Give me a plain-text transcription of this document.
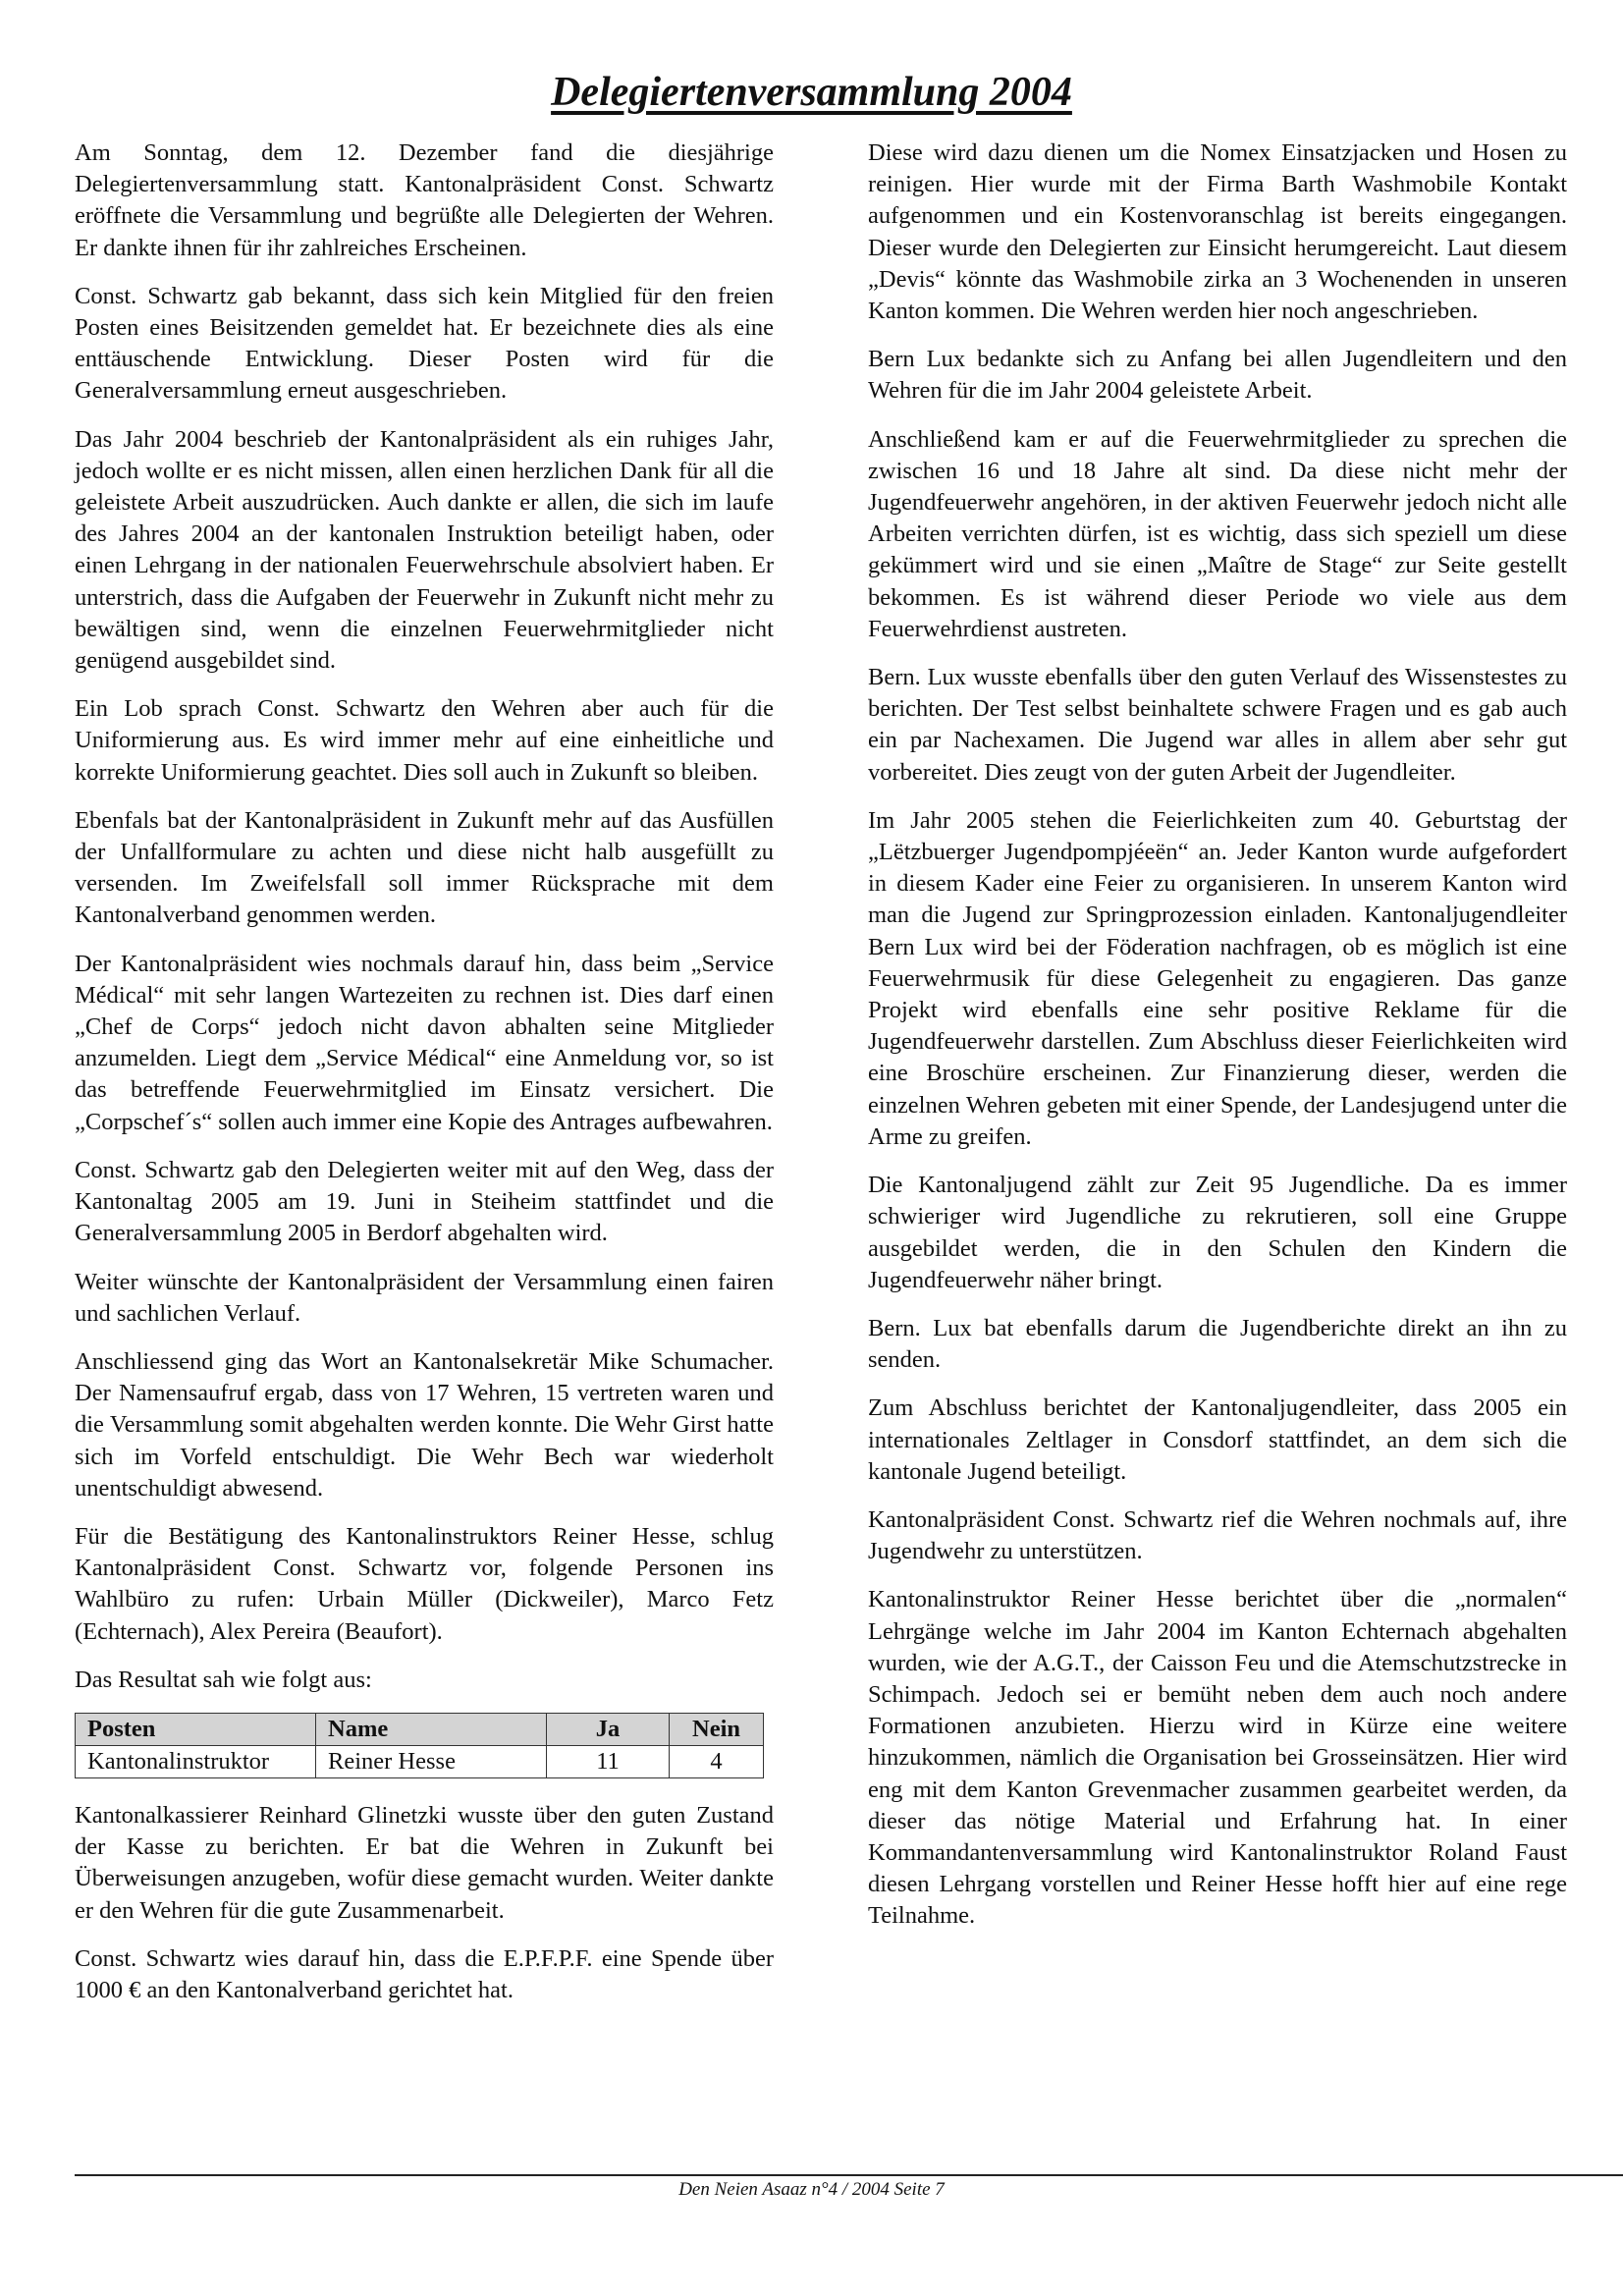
Delegiertenversammlung 2004

Am Sonntag, dem 12. Dezember fand die diesjährige Delegiertenversammlung statt. Kantonalpräsident Const. Schwartz eröffnete die Versammlung und begrüßte alle Delegierten der Wehren. Er dankte ihnen für ihr zahlreiches Erscheinen.

Const. Schwartz gab bekannt, dass sich kein Mitglied für den freien Posten eines Beisitzenden gemeldet hat. Er bezeichnete dies als eine enttäuschende Entwicklung. Dieser Posten wird für die Generalversammlung erneut ausgeschrieben.

Das Jahr 2004 beschrieb der Kantonalpräsident als ein ruhiges Jahr, jedoch wollte er es nicht missen, allen einen herzlichen Dank für all die geleistete Arbeit auszudrücken. Auch dankte er allen, die sich im laufe des Jahres 2004 an der kantonalen Instruktion beteiligt haben, oder einen Lehrgang in der nationalen Feuerwehrschule absolviert haben. Er unterstrich, dass die Aufgaben der Feuerwehr in Zukunft nicht mehr zu bewältigen sind, wenn die einzelnen Feuerwehrmitglieder nicht genügend ausgebildet sind.

Ein Lob sprach Const. Schwartz den Wehren aber auch für die Uniformierung aus. Es wird immer mehr auf eine einheitliche und korrekte Uniformierung geachtet. Dies soll auch in Zukunft so bleiben.

Ebenfals bat der Kantonalpräsident in Zukunft mehr auf das Ausfüllen der Unfallformulare zu achten und diese nicht halb ausgefüllt zu versenden. Im Zweifelsfall soll immer Rücksprache mit dem Kantonalverband genommen werden.

Der Kantonalpräsident wies nochmals darauf hin, dass beim „Service Médical“ mit sehr langen Wartezeiten zu rechnen ist. Dies darf einen „Chef de Corps“ jedoch nicht davon abhalten seine Mitglieder anzumelden. Liegt dem „Service Médical“ eine Anmeldung vor, so ist das betreffende Feuerwehrmitglied im Einsatz versichert. Die „Corpschef´s“ sollen auch immer eine Kopie des Antrages aufbewahren.

Const. Schwartz gab den Delegierten weiter mit auf den Weg, dass der Kantonaltag 2005 am 19. Juni in Steiheim stattfindet und die Generalversammlung 2005 in Berdorf abgehalten wird.

Weiter wünschte der Kantonalpräsident der Versammlung einen fairen und sachlichen Verlauf.

Anschliessend ging das Wort an Kantonalsekretär Mike Schumacher. Der Namensaufruf ergab, dass von 17 Wehren, 15 vertreten waren und die Versammlung somit abgehalten werden konnte. Die Wehr Girst hatte sich im Vorfeld entschuldigt. Die Wehr Bech war wiederholt unentschuldigt abwesend.

Für die Bestätigung des Kantonalinstruktors Reiner Hesse, schlug Kantonalpräsident Const. Schwartz vor, folgende Personen ins Wahlbüro zu rufen: Urbain Müller (Dickweiler), Marco Fetz (Echternach), Alex Pereira (Beaufort).

Das Resultat sah wie folgt aus:

Posten	Name	Ja	Nein
Kantonalinstruktor	Reiner Hesse	11	4

Kantonalkassierer Reinhard Glinetzki wusste über den guten Zustand der Kasse zu berichten. Er bat die Wehren in Zukunft bei Überweisungen anzugeben, wofür diese gemacht wurden. Weiter dankte er den Wehren für die gute Zusammenarbeit.

Const. Schwartz wies darauf hin, dass die E.P.F.P.F. eine Spende über 1000 € an den Kantonalverband gerichtet hat.

Diese wird dazu dienen um die Nomex Einsatzjacken und Hosen zu reinigen. Hier wurde mit der Firma Barth Washmobile Kontakt aufgenommen und ein Kostenvoranschlag ist bereits eingegangen. Dieser wurde den Delegierten zur Einsicht herumgereicht. Laut diesem „Devis“ könnte das Washmobile zirka an 3 Wochenenden in unseren Kanton kommen. Die Wehren werden hier noch angeschrieben.

Bern Lux bedankte sich zu Anfang bei allen Jugendleitern und den Wehren für die im Jahr 2004 geleistete Arbeit.

Anschließend kam er auf die Feuerwehrmitglieder zu sprechen die zwischen 16 und 18 Jahre alt sind. Da diese nicht mehr der Jugendfeuerwehr angehören, in der aktiven Feuerwehr jedoch nicht alle Arbeiten verrichten dürfen, ist es wichtig, dass sich speziell um diese gekümmert wird und sie einen „Maître de Stage“ zur Seite gestellt bekommen. Es ist während dieser Periode wo viele aus dem Feuerwehrdienst austreten.

Bern. Lux wusste ebenfalls über den guten Verlauf des Wissenstestes zu berichten. Der Test selbst beinhaltete schwere Fragen und es gab auch ein par Nachexamen. Die Jugend war alles in allem aber sehr gut vorbereitet. Dies zeugt von der guten Arbeit der Jugendleiter.

Im Jahr 2005 stehen die Feierlichkeiten zum 40. Geburtstag der „Lëtzbuerger Jugendpompjéeën“ an. Jeder Kanton wurde aufgefordert in diesem Kader eine Feier zu organisieren. In unserem Kanton wird man die Jugend zur Springprozession einladen. Kantonaljugendleiter Bern Lux wird bei der Föderation nachfragen, ob es möglich ist eine Feuerwehrmusik für diese Gelegenheit zu engagieren. Das ganze Projekt wird ebenfalls eine sehr positive Reklame für die Jugendfeuerwehr darstellen. Zum Abschluss dieser Feierlichkeiten wird eine Broschüre erscheinen. Zur Finanzierung dieser, werden die einzelnen Wehren gebeten mit einer Spende, der Landesjugend unter die Arme zu greifen.

Die Kantonaljugend zählt zur Zeit 95 Jugendliche. Da es immer schwieriger wird Jugendliche zu rekrutieren, soll eine Gruppe ausgebildet werden, die in den Schulen den Kindern die Jugendfeuerwehr näher bringt.

Bern. Lux bat ebenfalls darum die Jugendberichte direkt an ihn zu senden.

Zum Abschluss berichtet der Kantonaljugendleiter, dass 2005 ein internationales Zeltlager in Consdorf stattfindet, an dem sich die kantonale Jugend beteiligt.

Kantonalpräsident Const. Schwartz rief die Wehren nochmals auf, ihre Jugendwehr zu unterstützen.

Kantonalinstruktor Reiner Hesse berichtet über die „normalen“ Lehrgänge welche im Jahr 2004 im Kanton Echternach abgehalten wurden, wie der A.G.T., der Caisson Feu und die Atemschutzstrecke in Schimpach. Jedoch sei er bemüht neben dem auch noch andere Formationen anzubieten. Hierzu wird in Kürze eine weitere hinzukommen, nämlich die Organisation bei Grosseinsätzen. Hier wird eng mit dem Kanton Grevenmacher zusammen gearbeitet werden, da dieser das nötige Material und Erfahrung hat. In einer Kommandantenversammlung wird Kantonalinstruktor Roland Faust diesen Lehrgang vorstellen und Reiner Hesse hofft hier auf eine rege Teilnahme.

Den Neien Asaaz n°4 / 2004 Seite 7
